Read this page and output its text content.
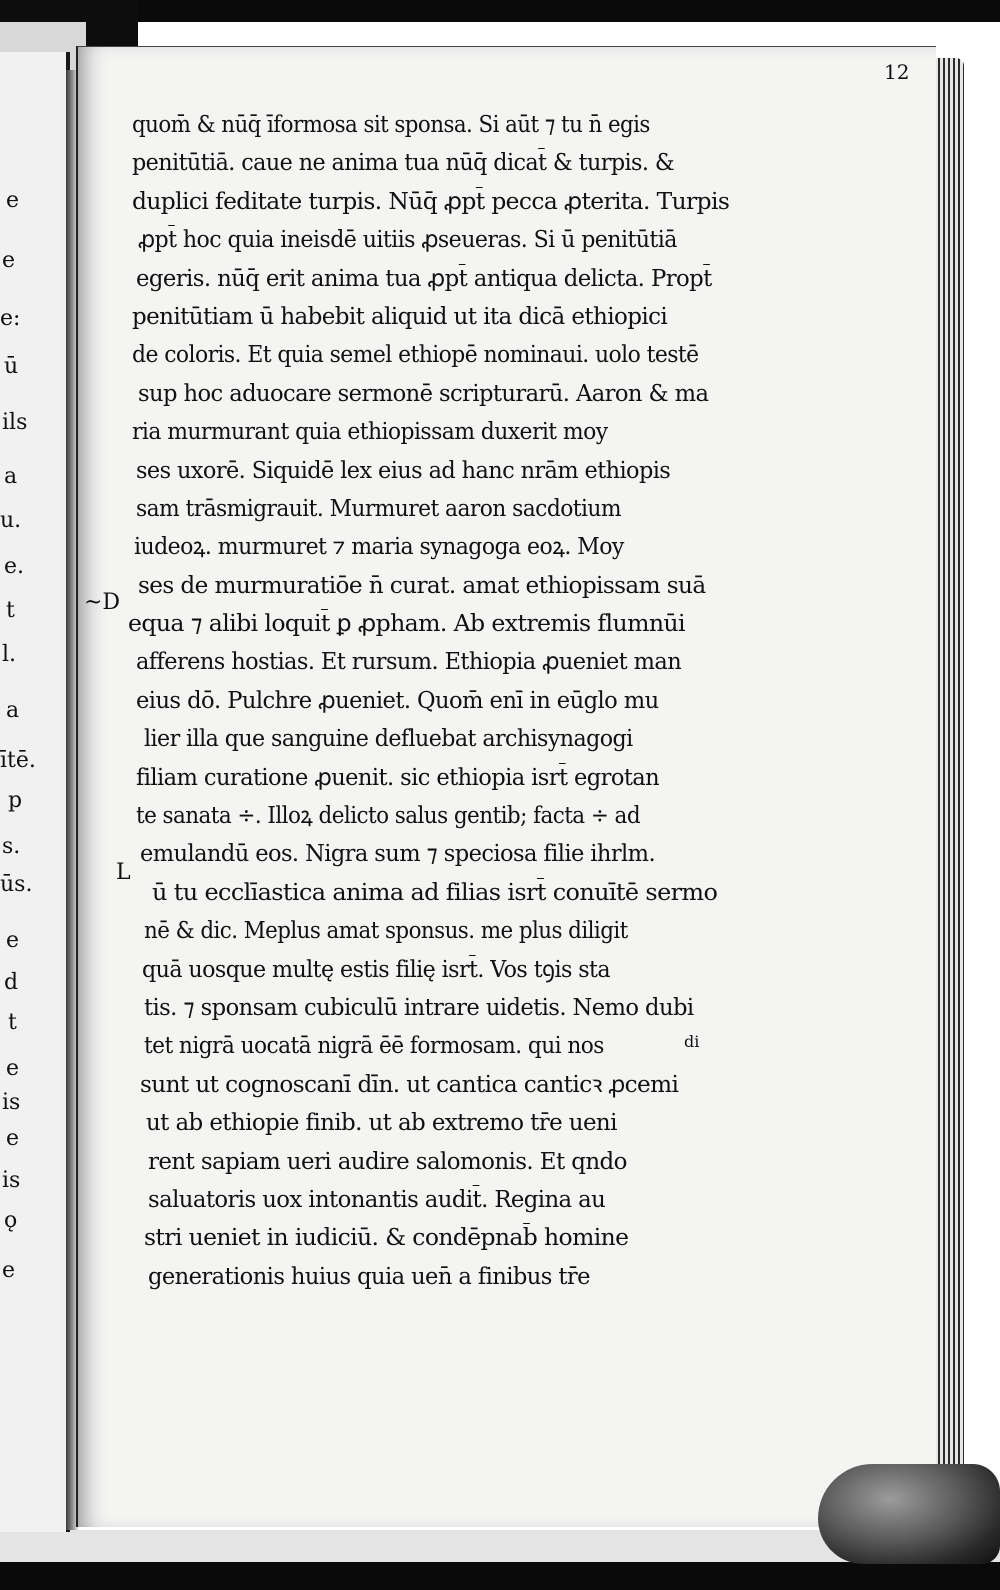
e
e
e:
ū
ils
a
u.
e.
t
l.
a
ītē.
p
s.
ūs.
e
d
t
e
is
e
is
ǫ
e
12
~D
L
di
quom̄ & nūq̄ īformosa sit sponsa. Si aūt ⁊ tu n̄ egis
penitūtiā. caue ne anima tua nūq̄ dicat̄ & turpis. &
duplici feditate turpis. Nūq̄ ꝓpt̄ pecca ꝓterita. Turpis
ꝓpt̄ hoc quia ineisdē uitiis ꝓseueras. Si ū penitūtiā
egeris. nūq̄ erit anima tua ꝓpt̄ antiqua delicta. Propt̄
penitūtiam ū habebit aliquid ut ita dicā ethiopici
de coloris. Et quia semel ethiopē nominaui. uolo testē
sup hoc aduocare sermonē scripturarū. Aaron & ma
ria murmurant quia ethiopissam duxerit moy
ses uxorē. Siquidē lex eius ad hanc nrām ethiopis
sam trāsmigrauit. Murmuret aaron sacdotium
iudeoꝝ. murmuret ⁊ maria synagoga eoꝝ. Moy
ses de murmuratiōe n̄ curat. amat ethiopissam suā
equa ⁊ alibi loquit̄ ꝑ ꝓpham. Ab extremis flumnūi
afferens hostias. Et rursum. Ethiopia ꝓueniet man
eius dō. Pulchre ꝓueniet. Quom̄ enī in eūglo mu
lier illa que sanguine defluebat archisynagogi
filiam curatione ꝓuenit. sic ethiopia isrt̄ egrotan
te sanata ÷. Illoꝝ delicto salus gentib; facta ÷ ad
emulandū eos. Nigra sum ⁊ speciosa filie ihrlm.
ū tu ecclīastica anima ad filias isrt̄ conuītē sermo
nē & dic. Meplus amat sponsus. me plus diligit
quā uosque multę estis filię isrt̄. Vos tꝯis sta
tis. ⁊ sponsam cubiculū intrare uidetis. Nemo dubi
tet nigrā uocatā nigrā ēē formosam. qui nos
sunt ut cognoscanī dīn. ut cantica canticꝛ ꝓcemi
ut ab ethiopie finib. ut ab extremo tr̄e ueni
rent sapiam ueri audire salomonis. Et qndo
saluatoris uox intonantis audit̄. Regina au
stri ueniet in iudiciū. & condēpnab̄ homine
generationis huius quia uen̄ a finibus tr̄e
